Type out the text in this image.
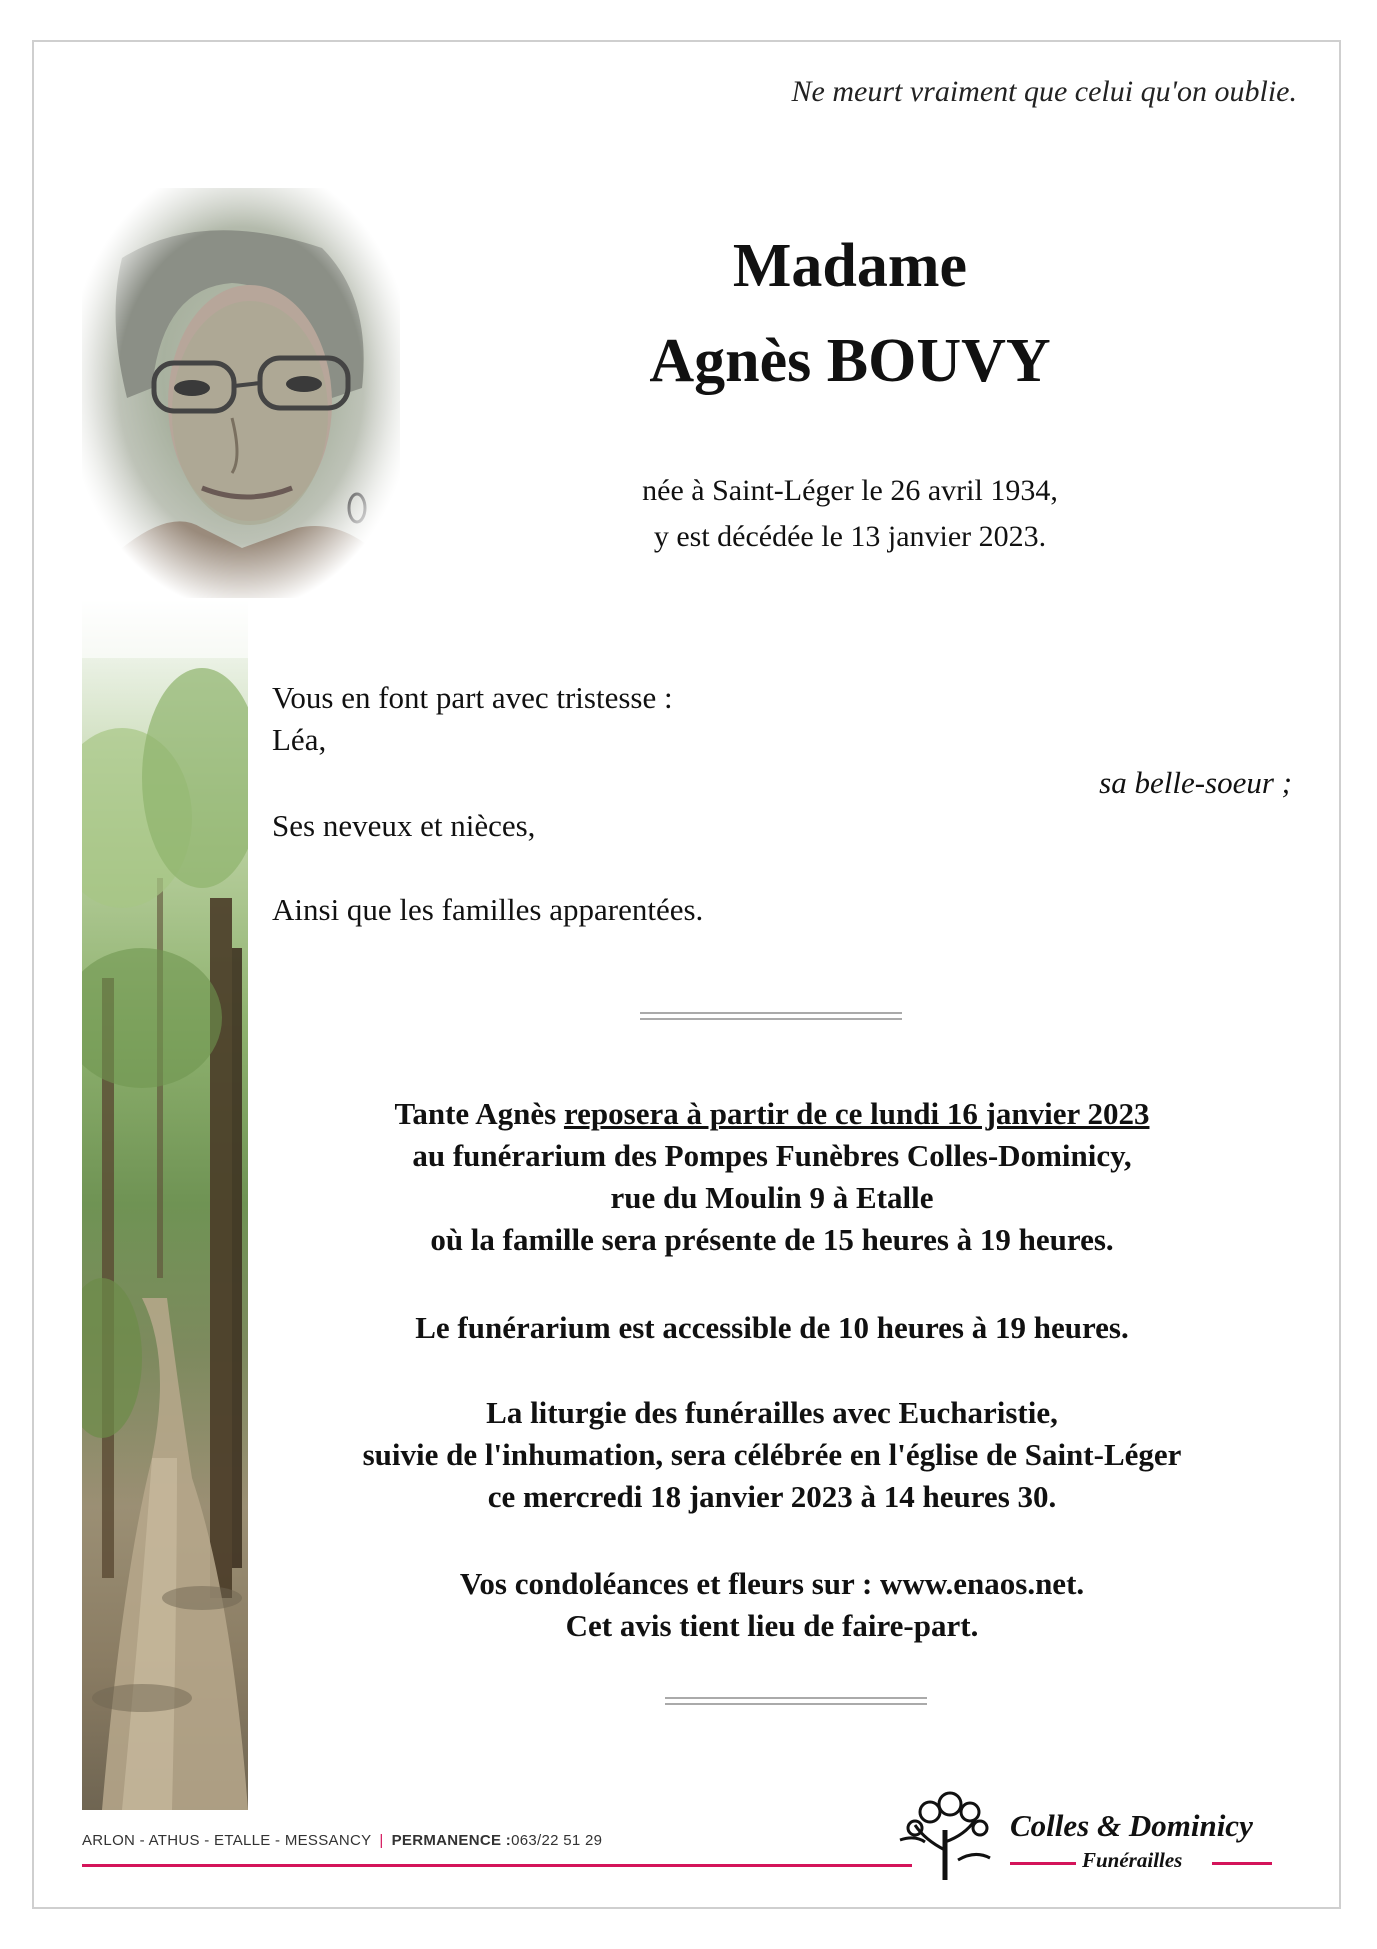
Ne meurt vraiment que celui qu'on oublie.
Madame
Agnès BOUVY
née à Saint-Léger le 26 avril 1934,
y est décédée le 13 janvier 2023.
Vous en font part avec tristesse :
Léa,
sa belle-soeur ;
Ses neveux et nièces,
Ainsi que les familles apparentées.
Tante Agnès reposera à partir de ce lundi 16 janvier 2023
au funérarium des Pompes Funèbres Colles-Dominicy,
rue du Moulin 9 à Etalle
où la famille sera présente de 15 heures à 19 heures.
Le funérarium est accessible de 10 heures à 19 heures.
La liturgie des funérailles avec Eucharistie,
suivie de l'inhumation, sera célébrée en l'église de Saint-Léger
ce mercredi 18 janvier 2023 à 14 heures 30.
Vos condoléances et fleurs sur : www.enaos.net.
Cet avis tient lieu de faire-part.
ARLON - ATHUS - ETALLE - MESSANCY | PERMANENCE :063/22 51 29	Colles & Dominicy
Funérailles
